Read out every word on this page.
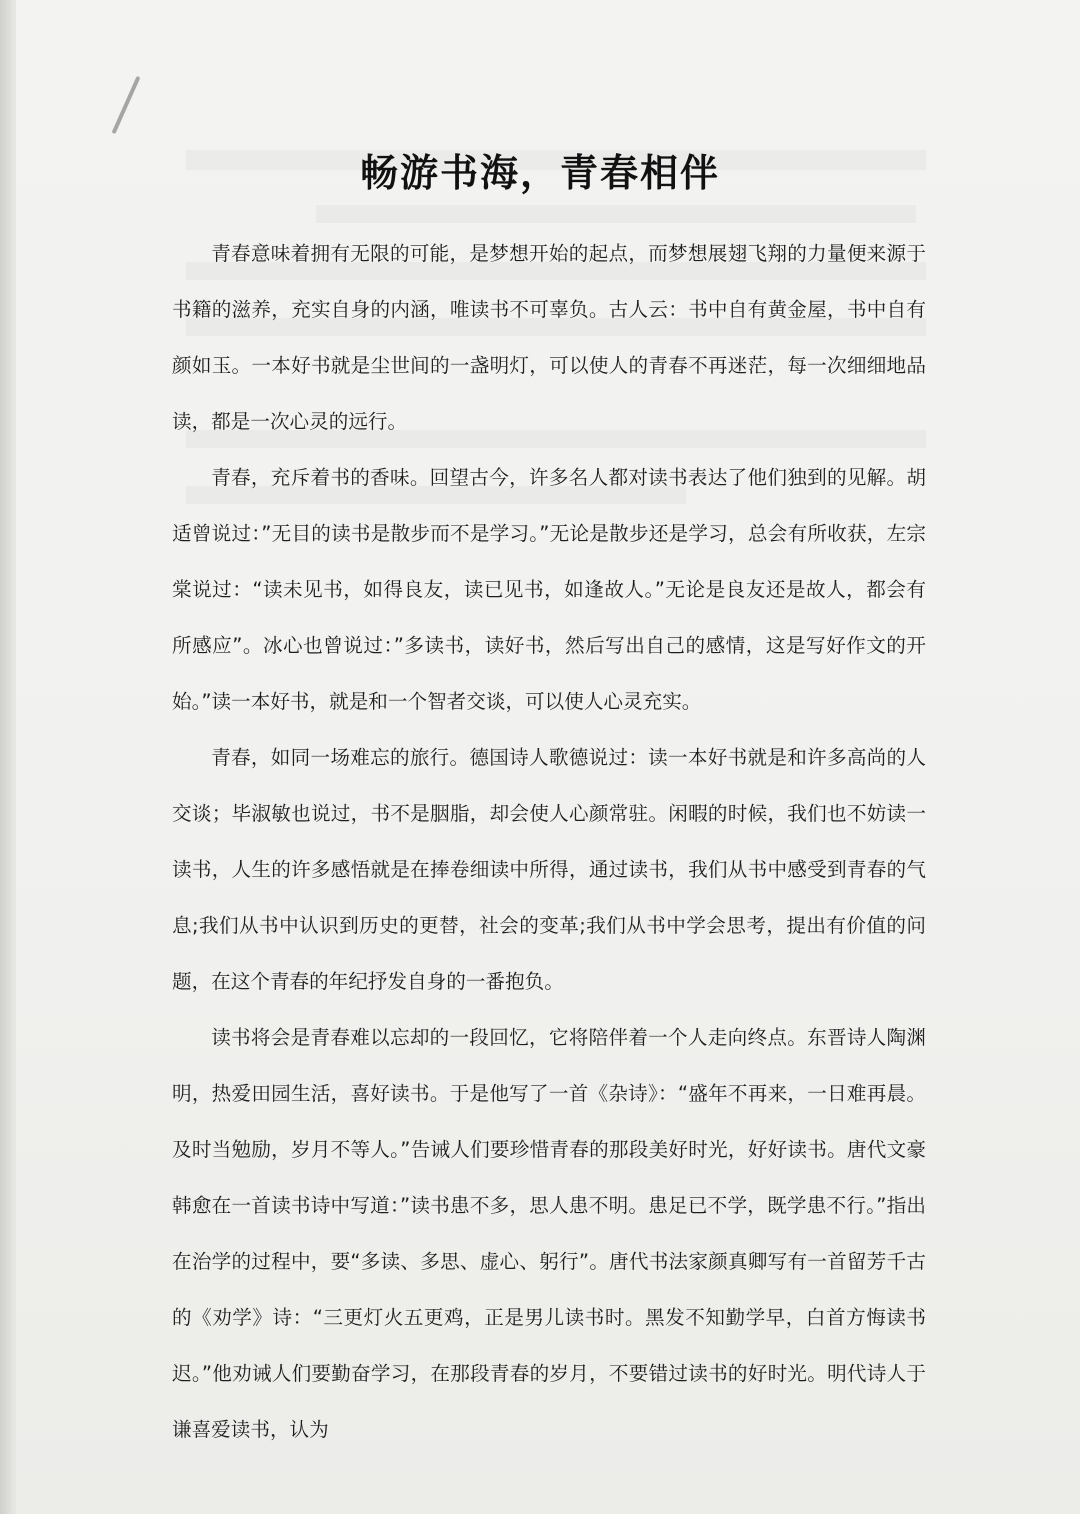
畅游书海，青春相伴

青春意味着拥有无限的可能，是梦想开始的起点，而梦想展翅飞翔的力量便来源于书籍的滋养，充实自身的内涵，唯读书不可辜负。古人云：书中自有黄金屋，书中自有颜如玉。一本好书就是尘世间的一盏明灯，可以使人的青春不再迷茫，每一次细细地品读，都是一次心灵的远行。

青春，充斥着书的香味。回望古今，许多名人都对读书表达了他们独到的见解。胡适曾说过：”无目的读书是散步而不是学习。”无论是散步还是学习，总会有所收获，左宗棠说过：“读未见书，如得良友，读已见书，如逢故人。”无论是良友还是故人，都会有所感应”。冰心也曾说过：”多读书，读好书，然后写出自己的感情，这是写好作文的开始。”读一本好书，就是和一个智者交谈，可以使人心灵充实。

青春，如同一场难忘的旅行。德国诗人歌德说过：读一本好书就是和许多高尚的人交谈；毕淑敏也说过，书不是胭脂，却会使人心颜常驻。闲暇的时候，我们也不妨读一读书，人生的许多感悟就是在捧卷细读中所得，通过读书，我们从书中感受到青春的气息;我们从书中认识到历史的更替，社会的变革;我们从书中学会思考，提出有价值的问题，在这个青春的年纪抒发自身的一番抱负。

读书将会是青春难以忘却的一段回忆，它将陪伴着一个人走向终点。东晋诗人陶渊明，热爱田园生活，喜好读书。于是他写了一首《杂诗》：“盛年不再来，一日难再晨。及时当勉励，岁月不等人。”告诫人们要珍惜青春的那段美好时光，好好读书。唐代文豪韩愈在一首读书诗中写道：”读书患不多，思人患不明。患足已不学，既学患不行。”指出在治学的过程中，要“多读、多思、虚心、躬行”。唐代书法家颜真卿写有一首留芳千古的《劝学》诗：“三更灯火五更鸡，正是男儿读书时。黑发不知勤学早，白首方悔读书迟。”他劝诫人们要勤奋学习，在那段青春的岁月，不要错过读书的好时光。明代诗人于谦喜爱读书，认为
